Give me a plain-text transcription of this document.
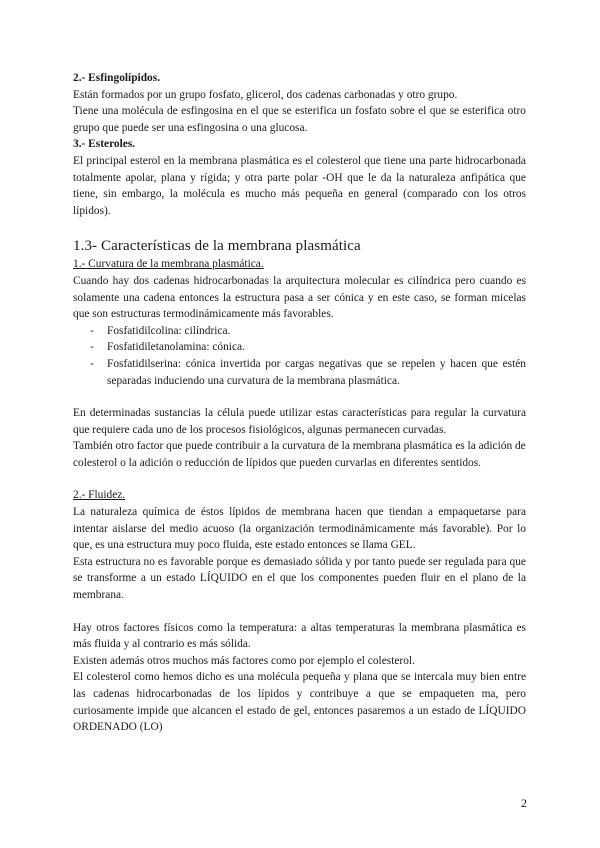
2.- Esfingolípidos.

Están formados por un grupo fosfato, glicerol, dos cadenas carbonadas y otro grupo.

Tiene una molécula de esfingosina en el que se esterifica un fosfato sobre el que se esterifica otro grupo que puede ser una esfingosina o una glucosa.

3.- Esteroles.

El principal esterol en la membrana plasmática es el colesterol que tiene una parte hidrocarbonada totalmente apolar, plana y rígida; y otra parte polar -OH que le da la naturaleza anfipática que tiene, sin embargo, la molécula es mucho más pequeña en general (comparado con los otros lípidos).

1.3- Características de la membrana plasmática

1.- Curvatura de la membrana plasmática.

Cuando hay dos cadenas hidrocarbonadas la arquitectura molecular es cilíndrica pero cuando es solamente una cadena entonces la estructura pasa a ser cónica y en este caso, se forman micelas que son estructuras termodinámicamente más favorables.

- Fosfatidilcolina: cilíndrica.
- Fosfatidiletanolamina: cónica.
- Fosfatidilserina: cónica invertida por cargas negativas que se repelen y hacen que estén separadas induciendo una curvatura de la membrana plasmática.

En determinadas sustancias la célula puede utilizar estas características para regular la curvatura que requiere cada uno de los procesos fisiológicos, algunas permanecen curvadas.

También otro factor que puede contribuir a la curvatura de la membrana plasmática es la adición de colesterol o la adición o reducción de lípidos que pueden curvarlas en diferentes sentidos.

2.- Fluidez.

La naturaleza química de éstos lípidos de membrana hacen que tiendan a empaquetarse para intentar aislarse del medio acuoso (la organización termodinámicamente más favorable). Por lo que, es una estructura muy poco fluida, este estado entonces se llama GEL.

Esta estructura no es favorable porque es demasiado sólida y por tanto puede ser regulada para que se transforme a un estado LÍQUIDO en el que los componentes pueden fluir en el plano de la membrana.

Hay otros factores físicos como la temperatura: a altas temperaturas la membrana plasmática es más fluida y al contrario es más sólida.

Existen además otros muchos más factores como por ejemplo el colesterol.

El colesterol como hemos dicho es una molécula pequeña y plana que se intercala muy bien entre las cadenas hidrocarbonadas de los lípidos y contribuye a que se empaqueten ma, pero curiosamente impide que alcancen el estado de gel, entonces pasaremos a un estado de LÍQUIDO ORDENADO (LO)

2
